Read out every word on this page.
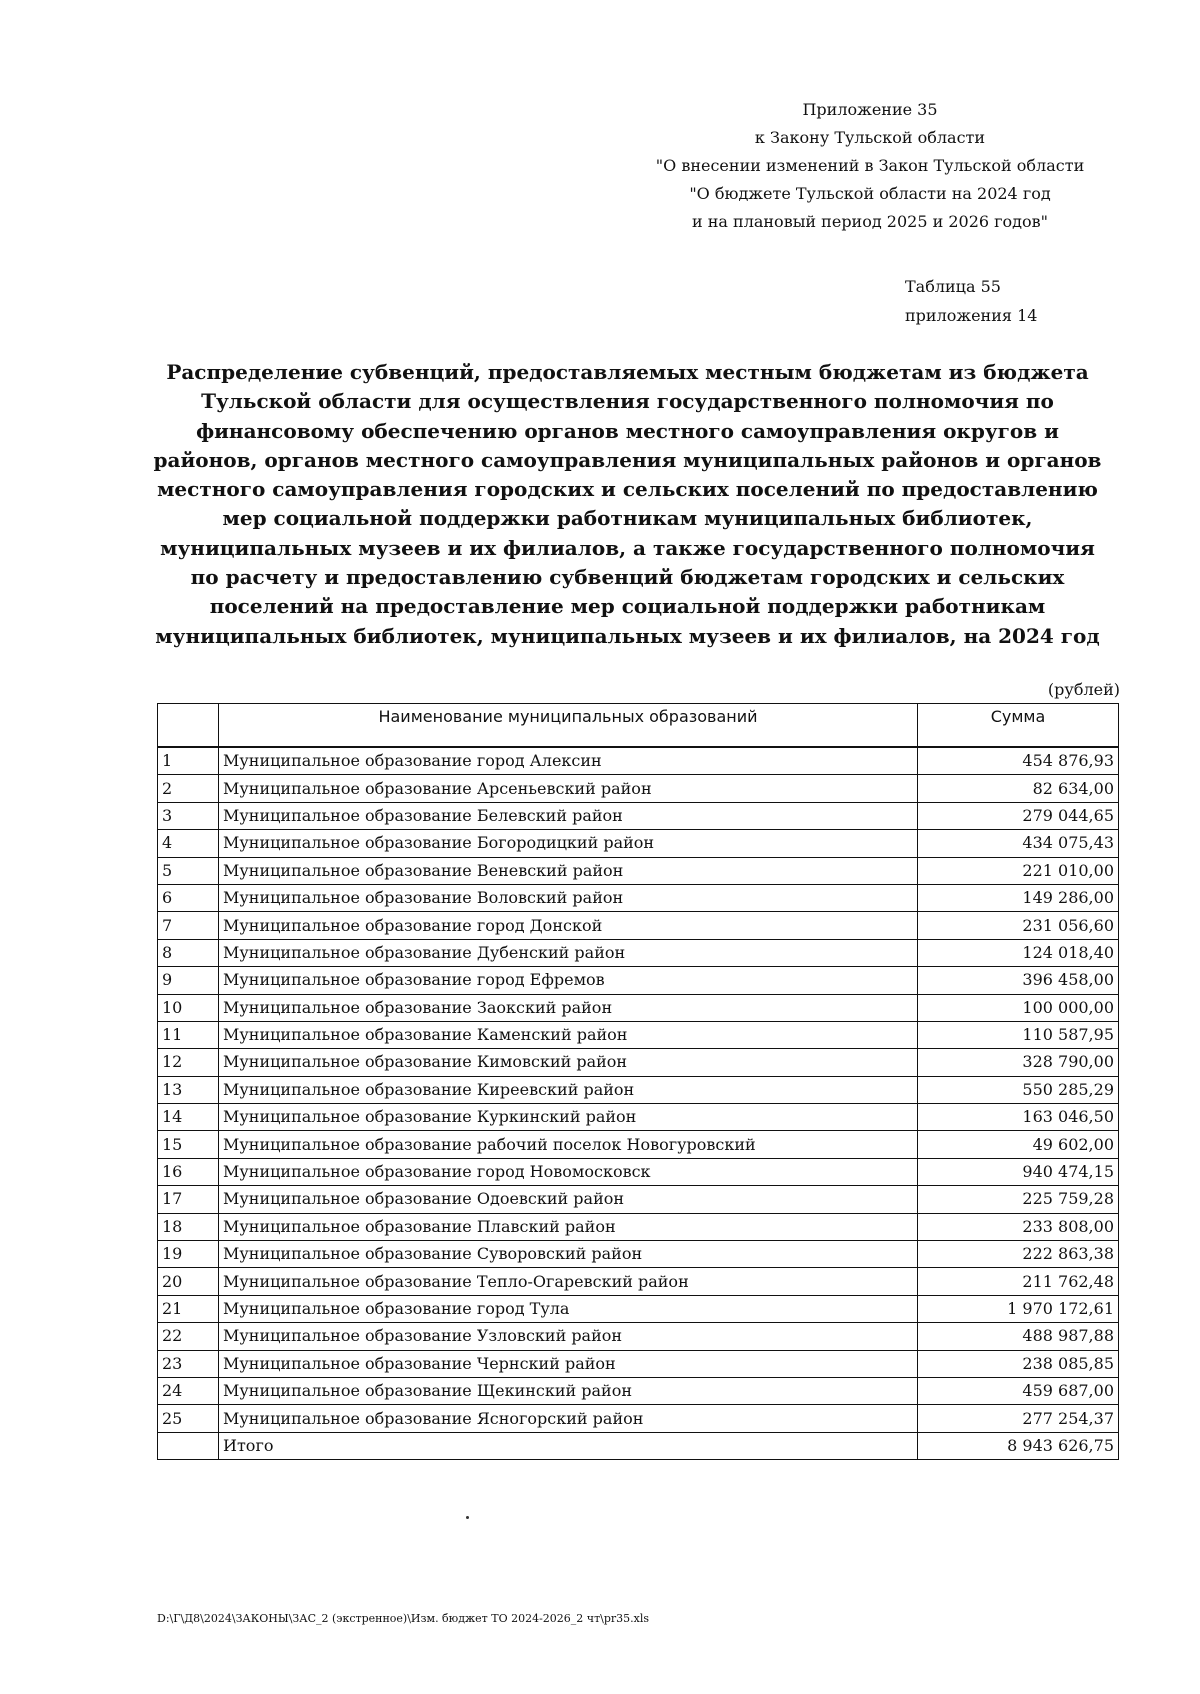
Приложение 35
к Закону Тульской области
"О внесении изменений в Закон Тульской области
"О бюджете Тульской области на 2024 год
и на плановый период 2025 и 2026 годов"
Таблица 55
приложения 14
Распределение субвенций, предоставляемых местным бюджетам из бюджета Тульской области для осуществления государственного полномочия по финансовому обеспечению органов местного самоуправления округов и районов, органов местного самоуправления муниципальных районов и органов местного самоуправления городских и сельских поселений по предоставлению мер социальной поддержки работникам муниципальных библиотек, муниципальных музеев и их филиалов, а также государственного полномочия по расчету и предоставлению субвенций бюджетам городских и сельских поселений на предоставление мер социальной поддержки работникам муниципальных библиотек, муниципальных музеев и их филиалов, на 2024 год
(рублей)
	Наименование муниципальных образований	Сумма
1	Муниципальное образование город Алексин	454 876,93
2	Муниципальное образование Арсеньевский район	82 634,00
3	Муниципальное образование Белевский район	279 044,65
4	Муниципальное образование Богородицкий район	434 075,43
5	Муниципальное образование Веневский район	221 010,00
6	Муниципальное образование Воловский район	149 286,00
7	Муниципальное образование город Донской	231 056,60
8	Муниципальное образование Дубенский район	124 018,40
9	Муниципальное образование город Ефремов	396 458,00
10	Муниципальное образование Заокский район	100 000,00
11	Муниципальное образование Каменский район	110 587,95
12	Муниципальное образование Кимовский район	328 790,00
13	Муниципальное образование Киреевский район	550 285,29
14	Муниципальное образование Куркинский район	163 046,50
15	Муниципальное образование рабочий поселок Новогуровский	49 602,00
16	Муниципальное образование город Новомосковск	940 474,15
17	Муниципальное образование Одоевский район	225 759,28
18	Муниципальное образование Плавский район	233 808,00
19	Муниципальное образование Суворовский район	222 863,38
20	Муниципальное образование Тепло-Огаревский район	211 762,48
21	Муниципальное образование город Тула	1 970 172,61
22	Муниципальное образование Узловский район	488 987,88
23	Муниципальное образование Чернский район	238 085,85
24	Муниципальное образование Щекинский район	459 687,00
25	Муниципальное образование Ясногорский район	277 254,37
	Итого	8 943 626,75
D:\Г\Д8\2024\ЗАКОНЫ\ЗАС_2 (экстренное)\Изм. бюджет ТО 2024-2026_2 чт\pr35.xls
